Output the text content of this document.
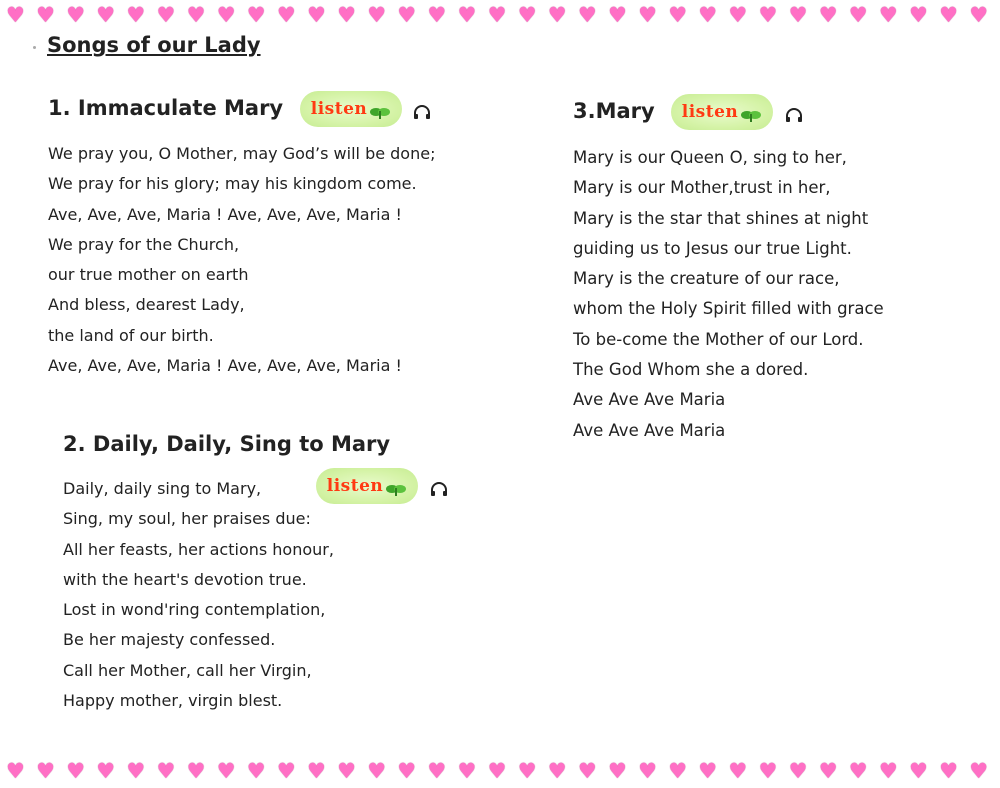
♥ ♥ ♥ ♥ ♥ ♥ ♥ ♥ ♥ ♥ ♥ ♥ ♥ ♥ ♥ ♥ ♥ ♥ ♥ ♥ ♥ ♥ ♥ ♥ ♥ ♥ ♥ ♥ ♥ ♥ ♥ ♥ ♥
♥ ♥ ♥ ♥ ♥ ♥ ♥ ♥ ♥ ♥ ♥ ♥ ♥ ♥ ♥ ♥ ♥ ♥ ♥ ♥ ♥ ♥ ♥ ♥ ♥ ♥ ♥ ♥ ♥ ♥ ♥ ♥ ♥
Songs of our Lady
1. Immaculate Mary listen
We pray you, O Mother, may God’s will be done;
We pray for his glory; may his kingdom come.
Ave, Ave, Ave, Maria ! Ave, Ave, Ave, Maria !
We pray for the Church,
our true mother on earth
And bless, dearest Lady,
the land of our birth.
Ave, Ave, Ave, Maria ! Ave, Ave, Ave, Maria !
2. Daily, Daily, Sing to Mary
listen
Daily, daily sing to Mary,
Sing, my soul, her praises due:
All her feasts, her actions honour,
with the heart's devotion true.
Lost in wond'ring contemplation,
Be her majesty confessed.
Call her Mother, call her Virgin,
Happy mother, virgin blest.
3.Mary listen
Mary is our Queen O, sing to her,
Mary is our Mother,trust in her,
Mary is the star that shines at night
guiding us to Jesus our true Light.
Mary is the creature of our race,
whom the Holy Spirit filled with grace
To be-come the Mother of our Lord.
The God Whom she a dored.
Ave Ave Ave Maria
Ave Ave Ave Maria
